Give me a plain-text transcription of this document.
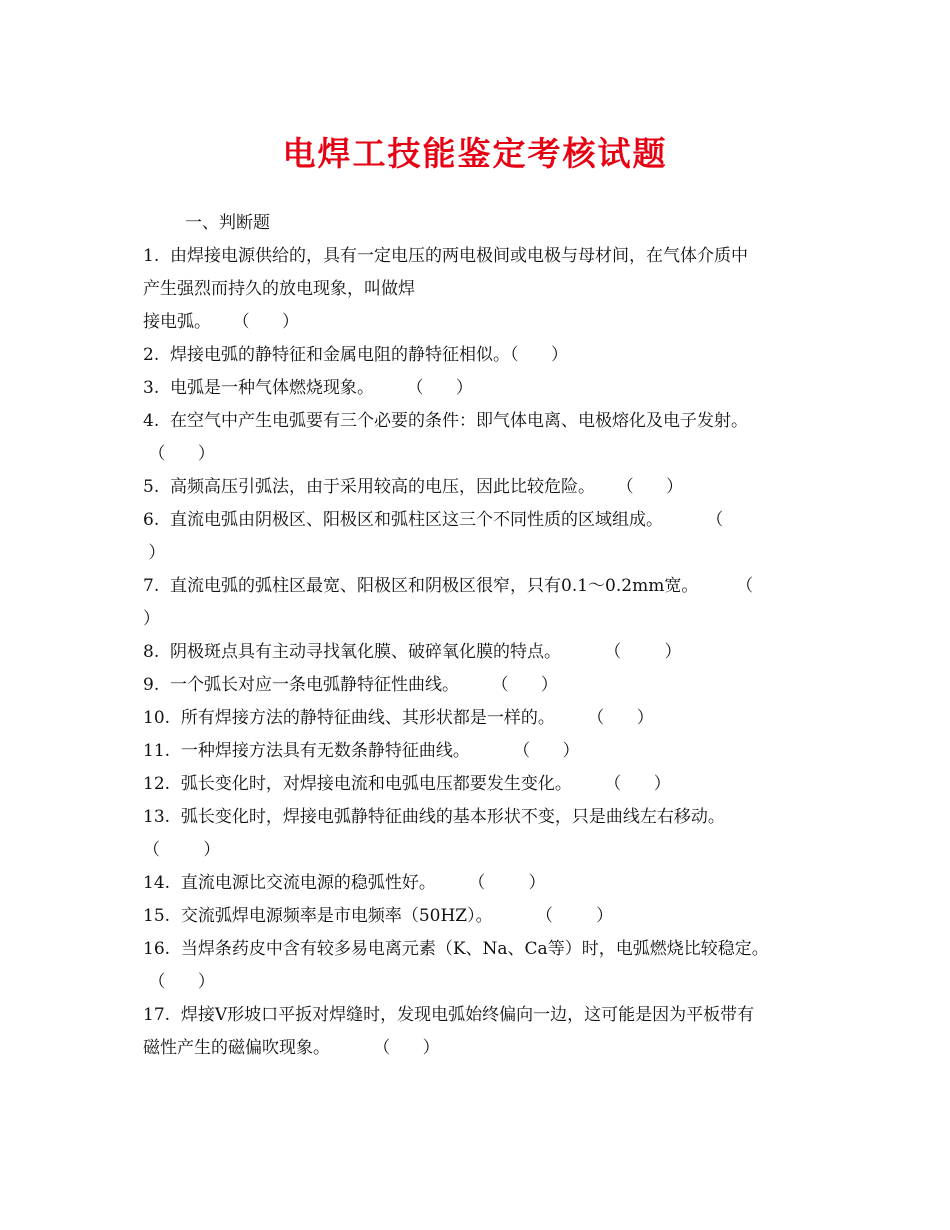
电焊工技能鉴定考核试题

一、判断题

1.  由焊接电源供给的，具有一定电压的两电极间或电极与母材间，在气体介质中
产生强烈而持久的放电现象，叫做焊
接电弧。    （      ）

2.  焊接电弧的静特征和金属电阻的静特征相似。（      ）

3.  电弧是一种气体燃烧现象。      （      ）

4.  在空气中产生电弧要有三个必要的条件：即气体电离、电极熔化及电子发射。
（      ）

5.  高频高压引弧法，由于采用较高的电压，因此比较危险。    （      ）

6.  直流电弧由阴极区、阳极区和弧柱区这三个不同性质的区域组成。        （
）

7.  直流电弧的弧柱区最宽、阳极区和阴极区很窄，只有0.1～0.2mm宽。       （
）

8.  阴极斑点具有主动寻找氧化膜、破碎氧化膜的特点。        （        ）

9.  一个弧长对应一条电弧静特征性曲线。      （      ）

10.  所有焊接方法的静特征曲线、其形状都是一样的。      （      ）

11.  一种焊接方法具有无数条静特征曲线。        （      ）

12.  弧长变化时，对焊接电流和电弧电压都要发生变化。      （      ）

13.  弧长变化时，焊接电弧静特征曲线的基本形状不变，只是曲线左右移动。
（        ）

14.  直流电源比交流电源的稳弧性好。      （        ）

15.  交流弧焊电源频率是市电频率（50HZ）。        （        ）

16.  当焊条药皮中含有较多易电离元素（K、Na、Ca等）时，电弧燃烧比较稳定。
（      ）

17.  焊接V形坡口平扳对焊缝时，发现电弧始终偏向一边，这可能是因为平板带有
磁性产生的磁偏吹现象。        （      ）
